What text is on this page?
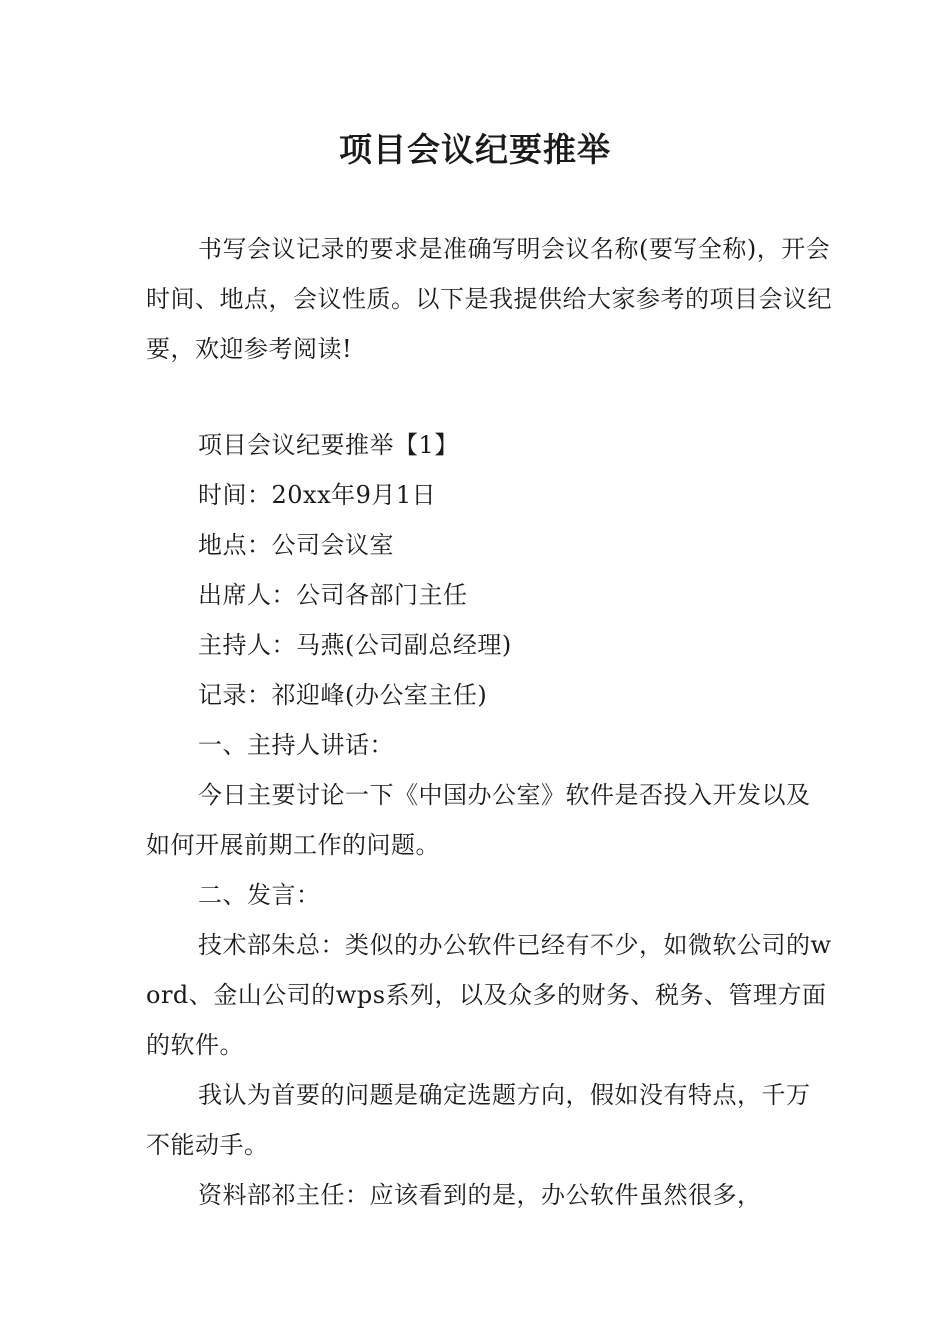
项目会议纪要推举

书写会议记录的要求是准确写明会议名称(要写全称)，开会时间、地点，会议性质。以下是我提供给大家参考的项目会议纪要，欢迎参考阅读!

项目会议纪要推举【1】

时间：20xx年9月1日

地点：公司会议室

出席人：公司各部门主任

主持人：马燕(公司副总经理)

记录：祁迎峰(办公室主任)

一、主持人讲话：

今日主要讨论一下《中国办公室》软件是否投入开发以及如何开展前期工作的问题。

二、发言：

技术部朱总：类似的办公软件已经有不少，如微软公司的word、金山公司的wps系列，以及众多的财务、税务、管理方面的软件。

我认为首要的问题是确定选题方向，假如没有特点，千万不能动手。

资料部祁主任：应该看到的是，办公软件虽然很多，
